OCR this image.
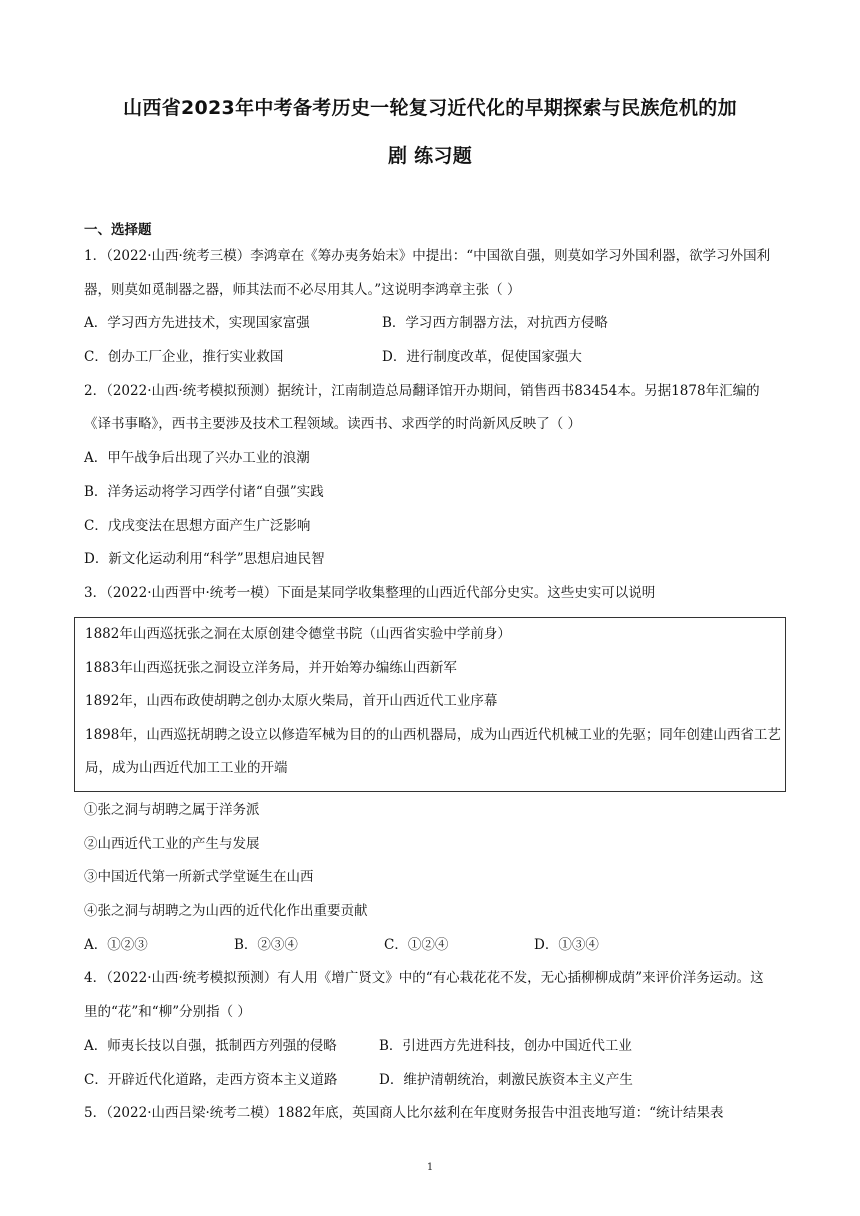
山西省2023年中考备考历史一轮复习近代化的早期探索与民族危机的加
剧 练习题
一、选择题
1．（2022·山西·统考三模）李鸿章在《筹办夷务始末》中提出：“中国欲自强，则莫如学习外国利器，欲学习外国利器，则莫如觅制器之器，师其法而不必尽用其人。”这说明李鸿章主张（ ）
A．学习西方先进技术，实现国家富强	B．学习西方制器方法，对抗西方侵略
C．创办工厂企业，推行实业救国	D．进行制度改革，促使国家强大
2．（2022·山西·统考模拟预测）据统计，江南制造总局翻译馆开办期间，销售西书83454本。另据1878年汇编的《译书事略》，西书主要涉及技术工程领域。读西书、求西学的时尚新风反映了（ ）
A．甲午战争后出现了兴办工业的浪潮
B．洋务运动将学习西学付诸“自强”实践
C．戊戌变法在思想方面产生广泛影响
D．新文化运动利用“科学”思想启迪民智
3．（2022·山西晋中·统考一模）下面是某同学收集整理的山西近代部分史实。这些史实可以说明
1882年山西巡抚张之洞在太原创建令德堂书院（山西省实验中学前身）
1883年山西巡抚张之洞设立洋务局，并开始筹办编练山西新军
1892年，山西布政使胡聘之创办太原火柴局，首开山西近代工业序幕
1898年，山西巡抚胡聘之设立以修造军械为目的的山西机器局，成为山西近代机械工业的先驱；同年创建山西省工艺局，成为山西近代加工工业的开端
①张之洞与胡聘之属于洋务派
②山西近代工业的产生与发展
③中国近代第一所新式学堂诞生在山西
④张之洞与胡聘之为山西的近代化作出重要贡献
A．①②③	B．②③④	C．①②④	D．①③④
4．（2022·山西·统考模拟预测）有人用《增广贤文》中的“有心栽花花不发，无心插柳柳成荫”来评价洋务运动。这里的“花”和“柳”分别指（ ）
A．师夷长技以自强，抵制西方列强的侵略	B．引进西方先进科技，创办中国近代工业
C．开辟近代化道路，走西方资本主义道路	D．维护清朝统治，刺激民族资本主义产生
5．（2022·山西吕梁·统考二模）1882年底，英国商人比尔兹利在年度财务报告中沮丧地写道：“统计结果表
1
